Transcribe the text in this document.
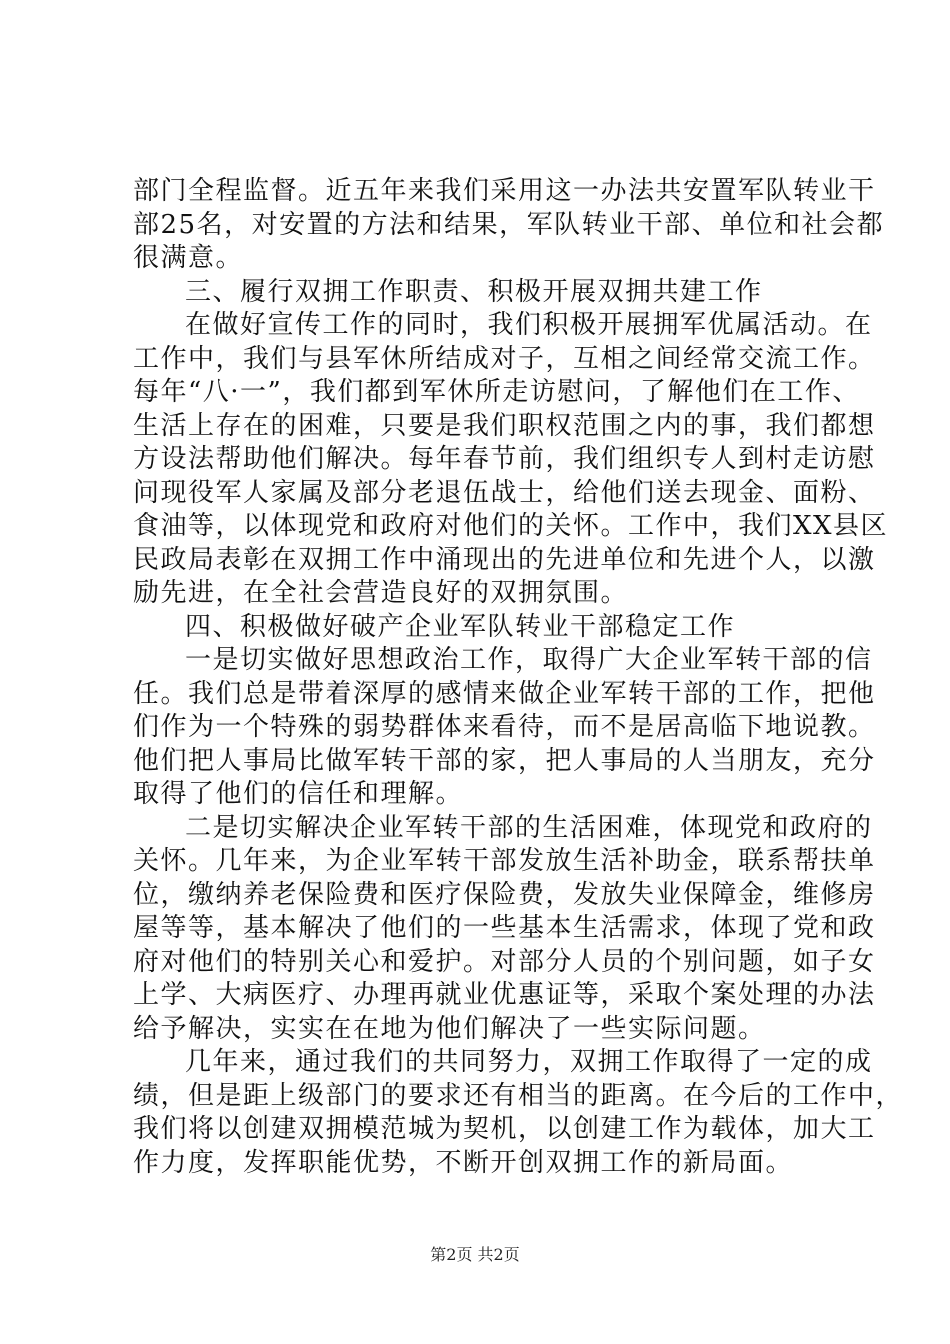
部门全程监督。近五年来我们采用这一办法共安置军队转业干
部25名，对安置的方法和结果，军队转业干部、单位和社会都
很满意。
三、履行双拥工作职责、积极开展双拥共建工作
在做好宣传工作的同时，我们积极开展拥军优属活动。在
工作中，我们与县军休所结成对子，互相之间经常交流工作。
每年“八·一”，我们都到军休所走访慰问，了解他们在工作、
生活上存在的困难，只要是我们职权范围之内的事，我们都想
方设法帮助他们解决。每年春节前，我们组织专人到村走访慰
问现役军人家属及部分老退伍战士，给他们送去现金、面粉、
食油等，以体现党和政府对他们的关怀。工作中，我们XX县区
民政局表彰在双拥工作中涌现出的先进单位和先进个人，以激
励先进，在全社会营造良好的双拥氛围。
四、积极做好破产企业军队转业干部稳定工作
一是切实做好思想政治工作，取得广大企业军转干部的信
任。我们总是带着深厚的感情来做企业军转干部的工作，把他
们作为一个特殊的弱势群体来看待，而不是居高临下地说教。
他们把人事局比做军转干部的家，把人事局的人当朋友，充分
取得了他们的信任和理解。
二是切实解决企业军转干部的生活困难，体现党和政府的
关怀。几年来，为企业军转干部发放生活补助金，联系帮扶单
位，缴纳养老保险费和医疗保险费，发放失业保障金，维修房
屋等等，基本解决了他们的一些基本生活需求，体现了党和政
府对他们的特别关心和爱护。对部分人员的个别问题，如子女
上学、大病医疗、办理再就业优惠证等，采取个案处理的办法
给予解决，实实在在地为他们解决了一些实际问题。
几年来，通过我们的共同努力，双拥工作取得了一定的成
绩，但是距上级部门的要求还有相当的距离。在今后的工作中，
我们将以创建双拥模范城为契机，以创建工作为载体，加大工
作力度，发挥职能优势，不断开创双拥工作的新局面。
第2页 共2页
